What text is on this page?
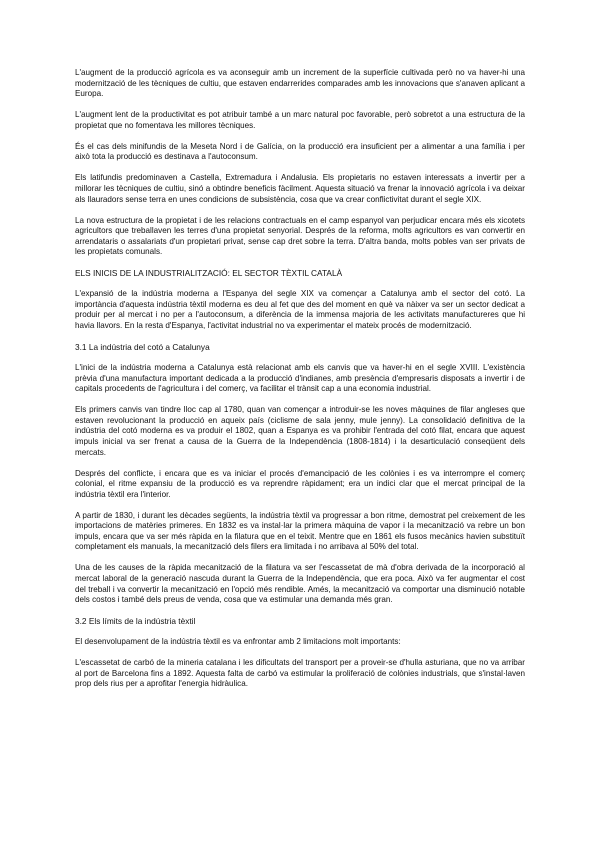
L'augment de la producció agrícola es va aconseguir amb un increment de la superfície cultivada però no va haver-hi una modernització de les tècniques de cultiu, que estaven endarrerides comparades amb les innovacions que s'anaven aplicant a Europa.

L'augment lent de la productivitat es pot atribuir també a un marc natural poc favorable, però sobretot a una estructura de la propietat que no fomentava les millores tècniques.

És el cas dels minifundis de la Meseta Nord i de Galícia, on la producció era insuficient per a alimentar a una família i per això tota la producció es destinava a l'autoconsum.

Els latifundis predominaven a Castella, Extremadura i Andalusia. Els propietaris no estaven interessats a invertir per a millorar les tècniques de cultiu, sinó a obtindre beneficis fàcilment. Aquesta situació va frenar la innovació agrícola i va deixar als llauradors sense terra en unes condicions de subsistència, cosa que va crear conflictivitat durant el segle XIX.

La nova estructura de la propietat i de les relacions contractuals en el camp espanyol van perjudicar encara més els xicotets agricultors que treballaven les terres d'una propietat senyorial. Després de la reforma, molts agricultors es van convertir en arrendataris o assalariats d'un propietari privat, sense cap dret sobre la terra. D'altra banda, molts pobles van ser privats de les propietats comunals.

ELS INICIS DE LA INDUSTRIALITZACIÓ: EL SECTOR TÈXTIL CATALÀ

L'expansió de la indústria moderna a l'Espanya del segle XIX va començar a Catalunya amb el sector del cotó. La importància d'aquesta indústria tèxtil moderna es deu al fet que des del moment en què va nàixer va ser un sector dedicat a produir per al mercat i no per a l'autoconsum, a diferència de la immensa majoria de les activitats manufactureres que hi havia llavors. En la resta d'Espanya, l'activitat industrial no va experimentar el mateix procés de modernització.

3.1 La indústria del cotó a Catalunya

L'inici de la indústria moderna a Catalunya està relacionat amb els canvis que va haver-hi en el segle XVIII. L'existència prèvia d'una manufactura important dedicada a la producció d'indianes, amb presència d'empresaris disposats a invertir i de capitals procedents de l'agricultura i del comerç, va facilitar el trànsit cap a una economia industrial.

Els primers canvis van tindre lloc cap al 1780, quan van començar a introduir-se les noves màquines de filar angleses que estaven revolucionant la producció en aqueix país (ciclisme de sala jenny, mule jenny). La consolidació definitiva de la indústria del cotó moderna es va produir el 1802, quan a Espanya es va prohibir l'entrada del cotó filat, encara que aquest impuls inicial va ser frenat a causa de la Guerra de la Independència (1808-1814) i la desarticulació conseqüent dels mercats.

Després del conflicte, i encara que es va iniciar el procés d'emancipació de les colònies i es va interrompre el comerç colonial, el ritme expansiu de la producció es va reprendre ràpidament; era un indici clar que el mercat principal de la indústria tèxtil era l'interior.

A partir de 1830, i durant les dècades següents, la indústria tèxtil va progressar a bon ritme, demostrat pel creixement de les importacions de matèries primeres. En 1832 es va instal·lar la primera màquina de vapor i la mecanització va rebre un bon impuls, encara que va ser més ràpida en la filatura que en el teixit. Mentre que en 1861 els fusos mecànics havien substituït completament els manuals, la mecanització dels filers era limitada i no arribava al 50% del total.

Una de les causes de la ràpida mecanització de la filatura va ser l'escassetat de mà d'obra derivada de la incorporació al mercat laboral de la generació nascuda durant la Guerra de la Independència, que era poca. Això va fer augmentar el cost del treball i va convertir la mecanització en l'opció més rendible. Amés, la mecanització va comportar una disminució notable dels costos i també dels preus de venda, cosa que va estimular una demanda més gran.

3.2 Els límits de la indústria tèxtil

El desenvolupament de la indústria tèxtil es va enfrontar amb 2 limitacions molt importants:

L'escassetat de carbó de la mineria catalana i les dificultats del transport per a proveir-se d'hulla asturiana, que no va arribar al port de Barcelona fins a 1892. Aquesta falta de carbó va estimular la proliferació de colònies industrials, que s'instal·laven prop dels rius per a aprofitar l'energia hidràulica.
